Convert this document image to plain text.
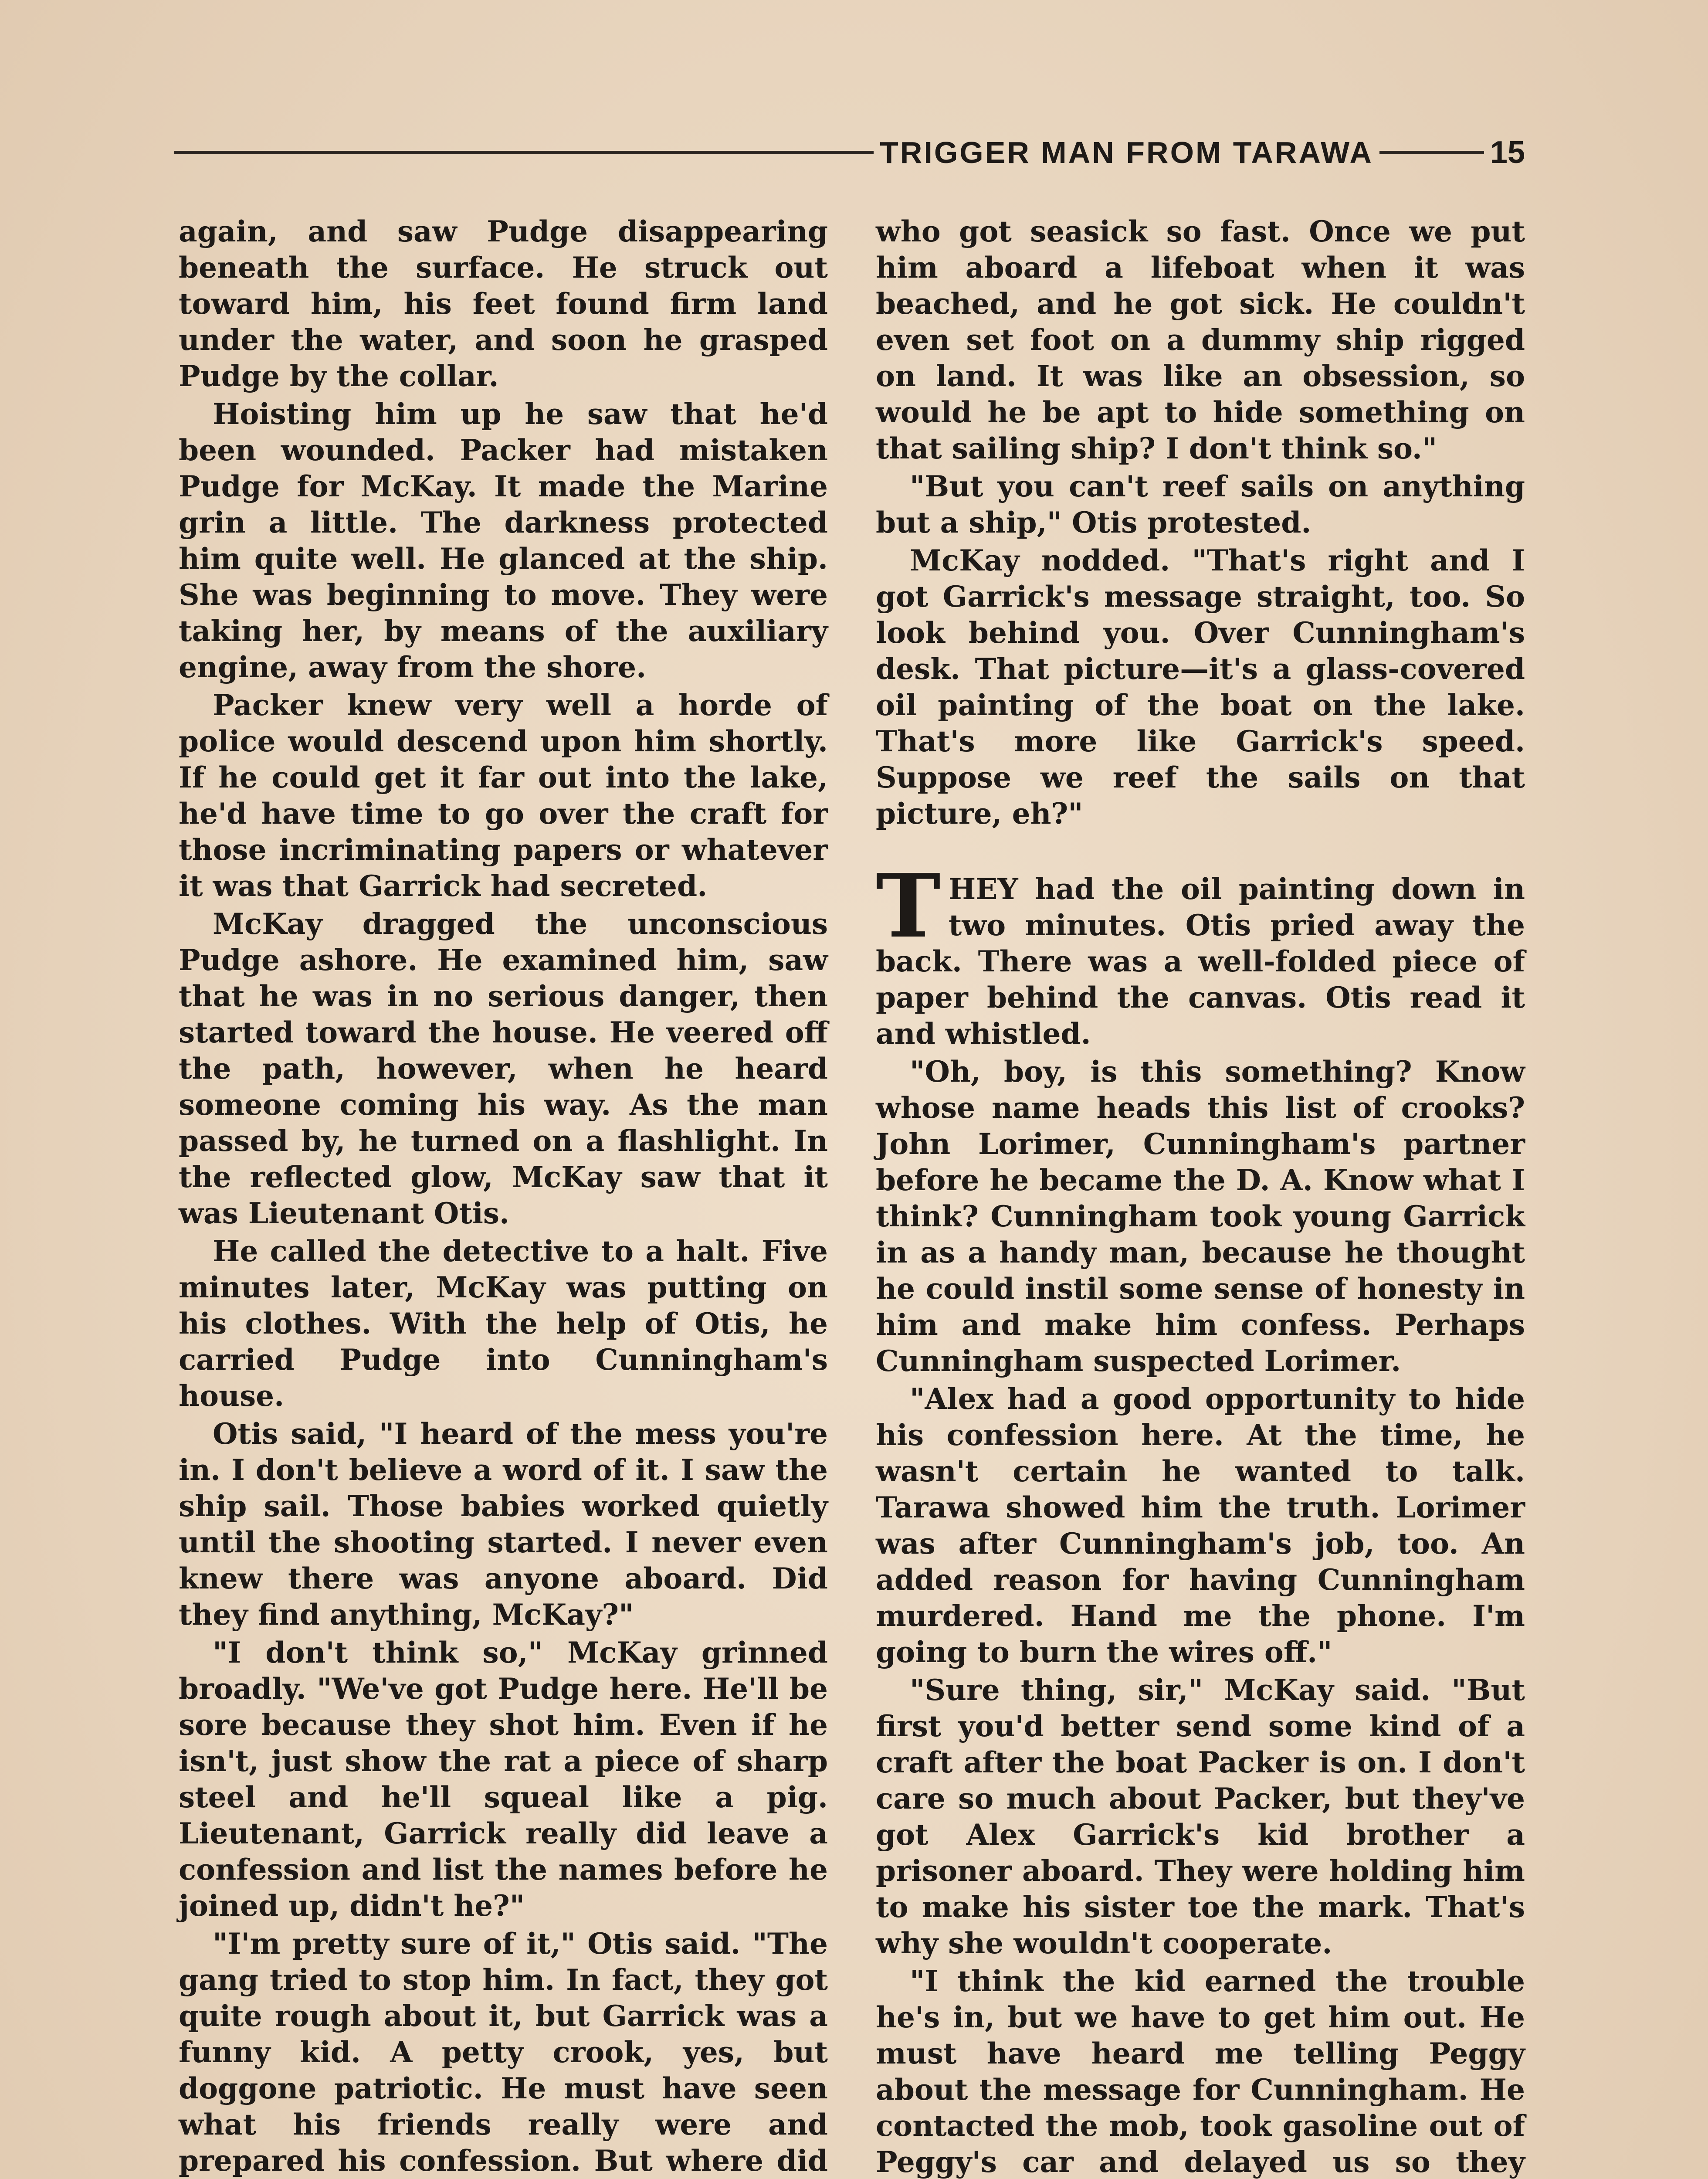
TRIGGER MAN FROM TARAWA	15

again, and saw Pudge disappearing beneath the surface. He struck out toward him, his feet found firm land under the water, and soon he grasped Pudge by the collar.

Hoisting him up he saw that he'd been wounded. Packer had mistaken Pudge for McKay. It made the Marine grin a little. The darkness protected him quite well. He glanced at the ship. She was beginning to move. They were taking her, by means of the auxiliary engine, away from the shore.

Packer knew very well a horde of police would descend upon him shortly. If he could get it far out into the lake, he'd have time to go over the craft for those incriminating papers or whatever it was that Garrick had secreted.

McKay dragged the unconscious Pudge ashore. He examined him, saw that he was in no serious danger, then started toward the house. He veered off the path, however, when he heard someone coming his way. As the man passed by, he turned on a flashlight. In the reflected glow, McKay saw that it was Lieutenant Otis.

He called the detective to a halt. Five minutes later, McKay was putting on his clothes. With the help of Otis, he carried Pudge into Cunningham's house.

Otis said, "I heard of the mess you're in. I don't believe a word of it. I saw the ship sail. Those babies worked quietly until the shooting started. I never even knew there was anyone aboard. Did they find anything, McKay?"

"I don't think so," McKay grinned broadly. "We've got Pudge here. He'll be sore because they shot him. Even if he isn't, just show the rat a piece of sharp steel and he'll squeal like a pig. Lieutenant, Garrick really did leave a confession and list the names before he joined up, didn't he?"

"I'm pretty sure of it," Otis said. "The gang tried to stop him. In fact, they got quite rough about it, but Garrick was a funny kid. A petty crook, yes, but doggone patriotic. He must have seen what his friends really were and prepared his confession. But where did

who got seasick so fast. Once we put him aboard a lifeboat when it was beached, and he got sick. He couldn't even set foot on a dummy ship rigged on land. It was like an obsession, so would he be apt to hide something on that sailing ship? I don't think so."

"But you can't reef sails on anything but a ship," Otis protested.

McKay nodded. "That's right and I got Garrick's message straight, too. So look behind you. Over Cunningham's desk. That picture—it's a glass-covered oil painting of the boat on the lake. That's more like Garrick's speed. Suppose we reef the sails on that picture, eh?"

THEY had the oil painting down in two minutes. Otis pried away the back. There was a well-folded piece of paper behind the canvas. Otis read it and whistled.

"Oh, boy, is this something? Know whose name heads this list of crooks? John Lorimer, Cunningham's partner before he became the D. A. Know what I think? Cunningham took young Garrick in as a handy man, because he thought he could instil some sense of honesty in him and make him confess. Perhaps Cunningham suspected Lorimer.

"Alex had a good opportunity to hide his confession here. At the time, he wasn't certain he wanted to talk. Tarawa showed him the truth. Lorimer was after Cunningham's job, too. An added reason for having Cunningham murdered. Hand me the phone. I'm going to burn the wires off."

"Sure thing, sir," McKay said. "But first you'd better send some kind of a craft after the boat Packer is on. I don't care so much about Packer, but they've got Alex Garrick's kid brother a prisoner aboard. They were holding him to make his sister toe the mark. That's why she wouldn't cooperate.

"I think the kid earned the trouble he's in, but we have to get him out. He must have heard me telling Peggy about the message for Cunningham. He contacted the mob, took gasoline out of Peggy's car and delayed us so they
